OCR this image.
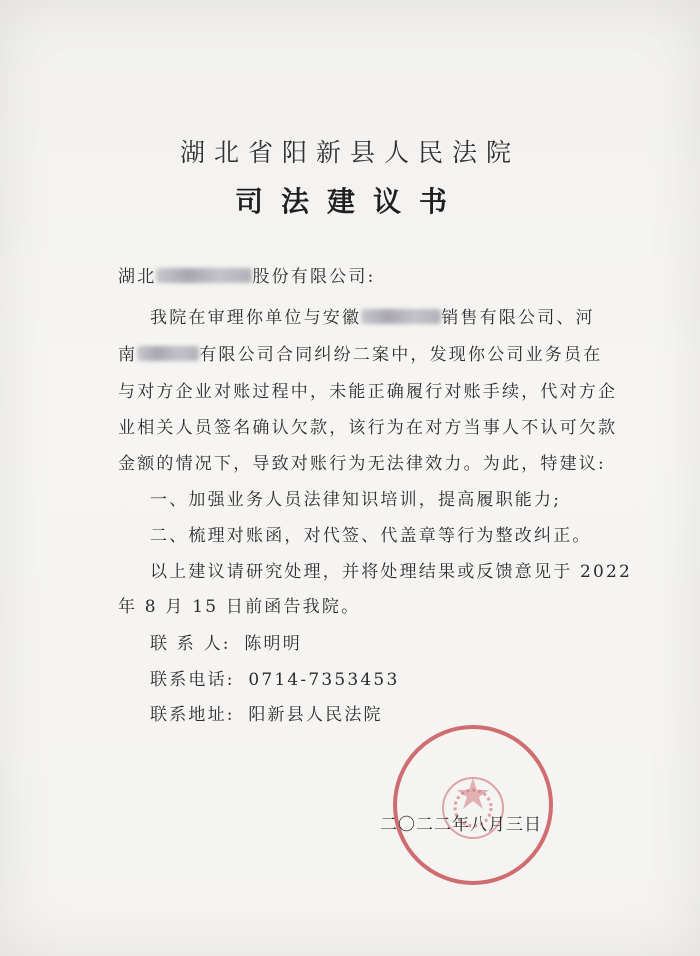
湖北省阳新县人民法院
司法建议书
湖北	股份有限公司:
我院在审理你单位与安徽	销售有限公司、河
南	有限公司合同纠纷二案中，发现你公司业务员在
与对方企业对账过程中，未能正确履行对账手续，代对方企
业相关人员签名确认欠款，该行为在对方当事人不认可欠款
金额的情况下，导致对账行为无法律效力。为此，特建议:
一、加强业务人员法律知识培训，提高履职能力;
二、梳理对账函，对代签、代盖章等行为整改纠正。
以上建议请研究处理，并将处理结果或反馈意见于 2022
年 8 月 15 日前函告我院。
联 系 人: 陈明明
联系电话: 0714-7353453
联系地址: 阳新县人民法院
二〇二二年八月三日
